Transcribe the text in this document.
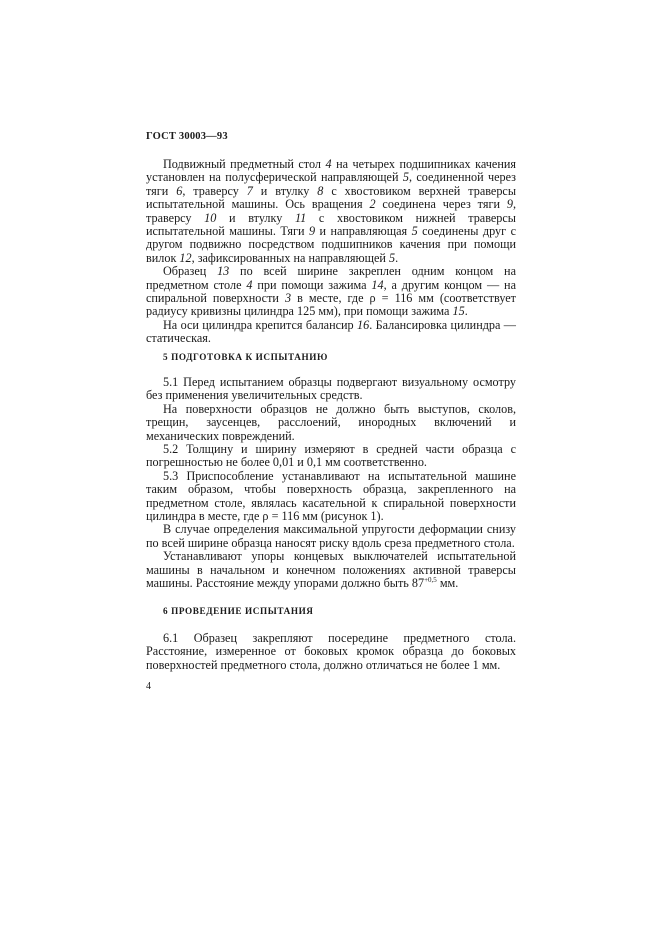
ГОСТ 30003—93

Подвижный предметный стол 4 на четырех подшипниках качения установлен на полусферической направляющей 5, соединенной через тяги 6, траверсу 7 и втулку 8 с хвостовиком верхней траверсы испытательной машины. Ось вращения 2 соединена через тяги 9, траверсу 10 и втулку 11 с хвостовиком нижней траверсы испытательной машины. Тяги 9 и направляющая 5 соединены друг с другом подвижно посредством подшипников качения при помощи вилок 12, зафиксированных на направляющей 5.

Образец 13 по всей ширине закреплен одним концом на предметном столе 4 при помощи зажима 14, а другим концом — на спиральной поверхности 3 в месте, где ρ = 116 мм (соответствует радиусу кривизны цилиндра 125 мм), при помощи зажима 15.

На оси цилиндра крепится балансир 16. Балансировка цилиндра — статическая.

5 ПОДГОТОВКА К ИСПЫТАНИЮ

5.1 Перед испытанием образцы подвергают визуальному осмотру без применения увеличительных средств.

На поверхности образцов не должно быть выступов, сколов, трещин, заусенцев, расслоений, инородных включений и механических повреждений.

5.2 Толщину и ширину измеряют в средней части образца с погрешностью не более 0,01 и 0,1 мм соответственно.

5.3 Приспособление устанавливают на испытательной машине таким образом, чтобы поверхность образца, закрепленного на предметном столе, являлась касательной к спиральной поверхности цилиндра в месте, где ρ = 116 мм (рисунок 1).

В случае определения максимальной упругости деформации снизу по всей ширине образца наносят риску вдоль среза предметного стола.

Устанавливают упоры концевых выключателей испытательной машины в начальном и конечном положениях активной траверсы машины. Расстояние между упорами должно быть $87^{+0,5}$ мм.

6 ПРОВЕДЕНИЕ ИСПЫТАНИЯ

6.1 Образец закрепляют посередине предметного стола. Расстояние, измеренное от боковых кромок образца до боковых поверхностей предметного стола, должно отличаться не более 1 мм.

4
